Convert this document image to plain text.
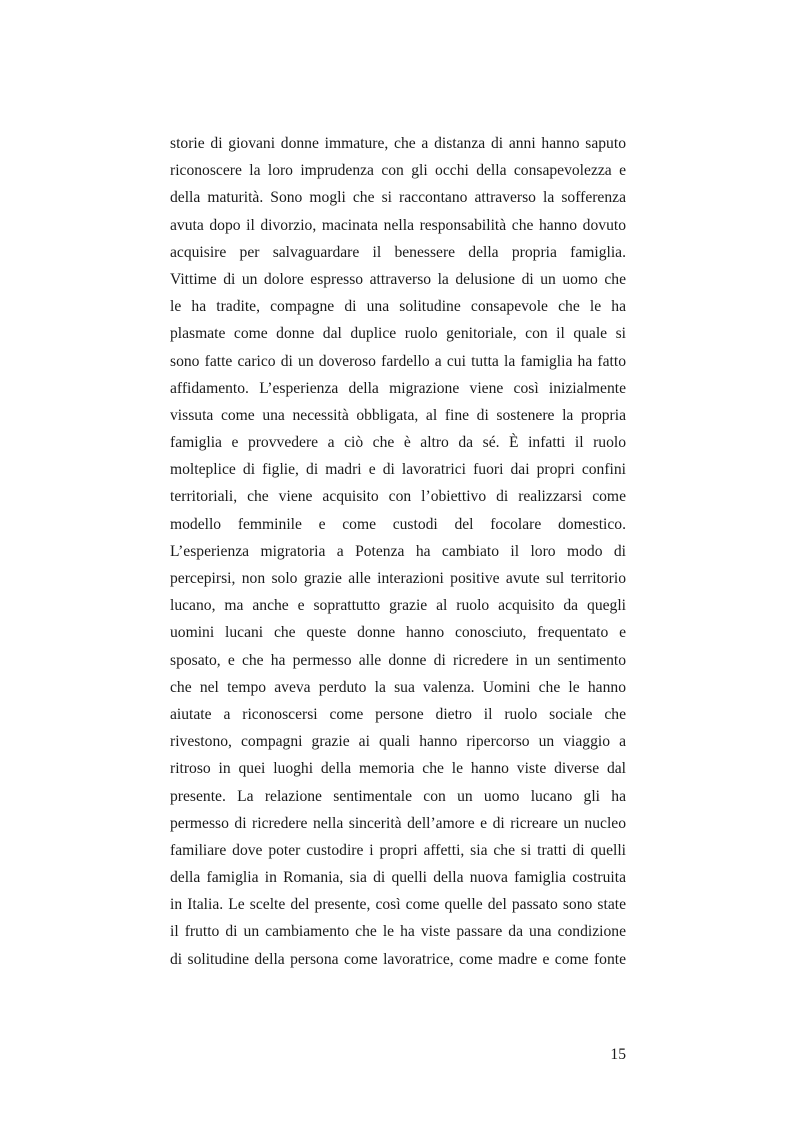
storie di giovani donne immature, che a distanza di anni hanno saputo
riconoscere la loro imprudenza con gli occhi della consapevolezza e
della maturità. Sono mogli che si raccontano attraverso la sofferenza
avuta dopo il divorzio, macinata nella responsabilità che hanno dovuto
acquisire per salvaguardare il benessere della propria famiglia.
Vittime di un dolore espresso attraverso la delusione di un uomo che
le ha tradite, compagne di una solitudine consapevole che le ha
plasmate come donne dal duplice ruolo genitoriale, con il quale si
sono fatte carico di un doveroso fardello a cui tutta la famiglia ha fatto
affidamento. L’esperienza della migrazione viene così inizialmente
vissuta come una necessità obbligata, al fine di sostenere la propria
famiglia e provvedere a ciò che è altro da sé. È infatti il ruolo
molteplice di figlie, di madri e di lavoratrici fuori dai propri confini
territoriali, che viene acquisito con l’obiettivo di realizzarsi come
modello femminile e come custodi del focolare domestico.
L’esperienza migratoria a Potenza ha cambiato il loro modo di
percepirsi, non solo grazie alle interazioni positive avute sul territorio
lucano, ma anche e soprattutto grazie al ruolo acquisito da quegli
uomini lucani che queste donne hanno conosciuto, frequentato e
sposato, e che ha permesso alle donne di ricredere in un sentimento
che nel tempo aveva perduto la sua valenza. Uomini che le hanno
aiutate a riconoscersi come persone dietro il ruolo sociale che
rivestono, compagni grazie ai quali hanno ripercorso un viaggio a
ritroso in quei luoghi della memoria che le hanno viste diverse dal
presente. La relazione sentimentale con un uomo lucano gli ha
permesso di ricredere nella sincerità dell’amore e di ricreare un nucleo
familiare dove poter custodire i propri affetti, sia che si tratti di quelli
della famiglia in Romania, sia di quelli della nuova famiglia costruita
in Italia. Le scelte del presente, così come quelle del passato sono state
il frutto di un cambiamento che le ha viste passare da una condizione
di solitudine della persona come lavoratrice, come madre e come fonte
15
